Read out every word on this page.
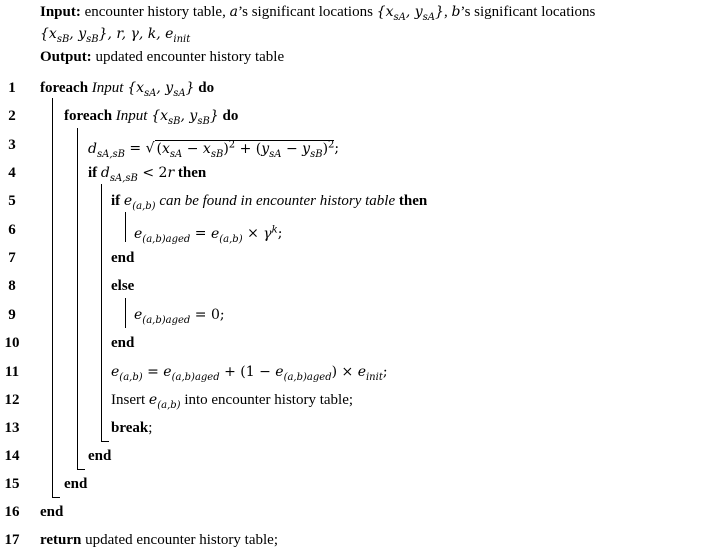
Input: encounter history table, a’s significant locations {$x_{sA}$, $y_{sA}$}, b’s significant locations
{$x_{sB}$, $y_{sB}$}, r, γ, k, $e_{init}$
Output: updated encounter history table
1	foreach Input {$x_{sA}$, $y_{sA}$} do
2	foreach Input {$x_{sB}$, $y_{sB}$} do
3	$d_{sA,sB}$ = √ $(x_{sA} - x_{sB})^2 + (y_{sA} - y_{sB})^2$;
4	if $d_{sA,sB} < 2r$ then
5	if $e_{(a,b)}$ can be found in encounter history table then
6	$e_{(a,b)aged} = e_{(a,b)} \times \gamma^k$;
7	end
8	else
9	$e_{(a,b)aged} = 0$;
10	end
11	$e_{(a,b)} = e_{(a,b)aged} + (1 - e_{(a,b)aged}) \times e_{init}$;
12	Insert $e_{(a,b)}$ into encounter history table;
13	break;
14	end
15	end
16 end
17 return updated encounter history table;
